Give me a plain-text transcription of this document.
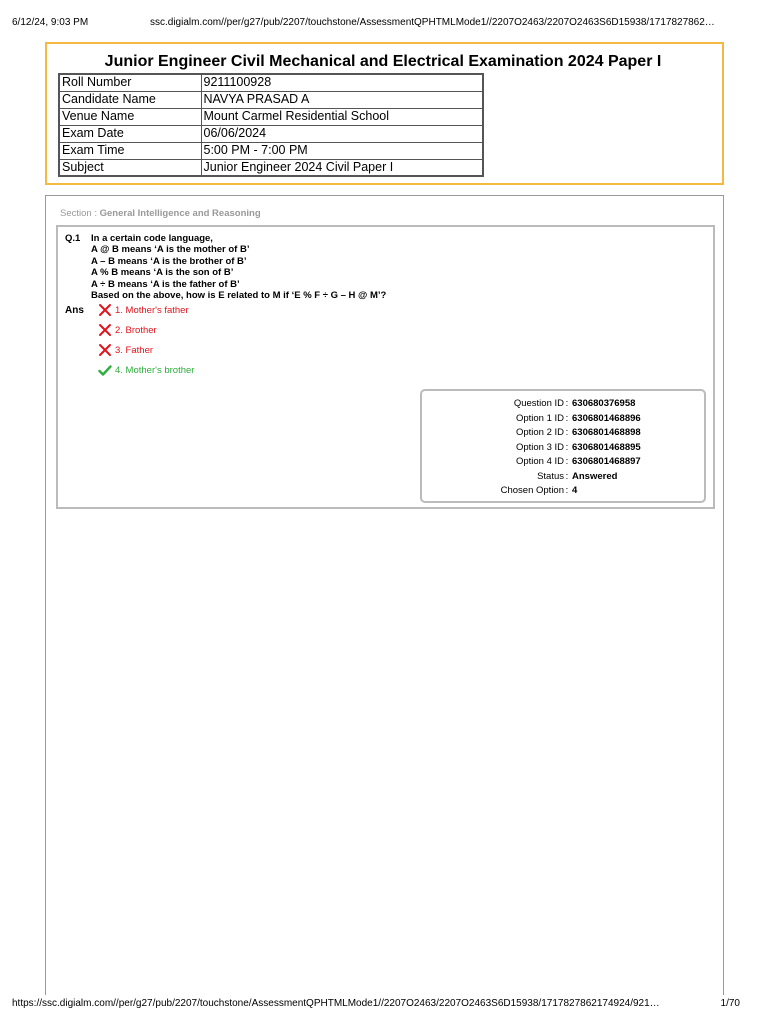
6/12/24, 9:03 PM	ssc.digialm.com//per/g27/pub/2207/touchstone/AssessmentQPHTMLMode1//2207O2463/2207O2463S6D15938/1717827862…
Junior Engineer Civil Mechanical and Electrical Examination 2024 Paper I
Roll Number	9211100928
Candidate Name	NAVYA PRASAD A
Venue Name	Mount Carmel Residential School
Exam Date	06/06/2024
Exam Time	5:00 PM - 7:00 PM
Subject	Junior Engineer 2024 Civil Paper I
Section : General Intelligence and Reasoning
Q.1 In a certain code language,
A @ B means ‘A is the mother of B’
A – B means ‘A is the brother of B’
A % B means ‘A is the son of B’
A ÷ B means ‘A is the father of B’
Based on the above, how is E related to M if ‘E % F ÷ G – H @ M’?
Ans	1. Mother's father
2. Brother
3. Father
4. Mother's brother
Question ID : 630680376958
Option 1 ID : 6306801468896
Option 2 ID : 6306801468898
Option 3 ID : 6306801468895
Option 4 ID : 6306801468897
Status : Answered
Chosen Option : 4
https://ssc.digialm.com//per/g27/pub/2207/touchstone/AssessmentQPHTMLMode1//2207O2463/2207O2463S6D15938/1717827862174924/921…	1/70
